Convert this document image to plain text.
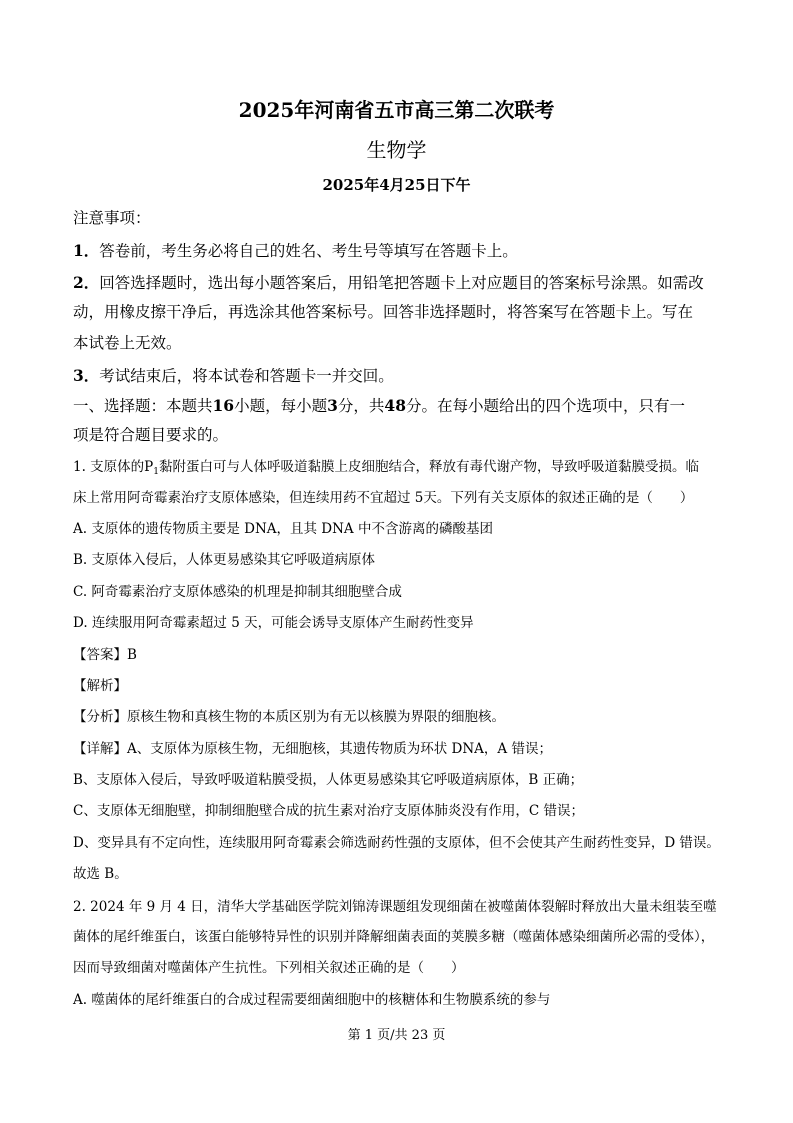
2025年河南省五市高三第二次联考
生物学
2025年4月25日下午
注意事项：
1．答卷前，考生务必将自己的姓名、考生号等填写在答题卡上。
2．回答选择题时，选出每小题答案后，用铅笔把答题卡上对应题目的答案标号涂黑。如需改
动，用橡皮擦干净后，再选涂其他答案标号。回答非选择题时，将答案写在答题卡上。写在
本试卷上无效。
3．考试结束后，将本试卷和答题卡一并交回。
一、选择题：本题共16小题，每小题3分，共48分。在每小题给出的四个选项中，只有一
项是符合题目要求的。
1. 支原体的$P_1$黏附蛋白可与人体呼吸道黏膜上皮细胞结合，释放有毒代谢产物，导致呼吸道黏膜受损。临
床上常用阿奇霉素治疗支原体感染，但连续用药不宜超过 5天。下列有关支原体的叙述正确的是（　　）
A. 支原体的遗传物质主要是 DNA，且其 DNA 中不含游离的磷酸基团
B. 支原体入侵后，人体更易感染其它呼吸道病原体
C. 阿奇霉素治疗支原体感染的机理是抑制其细胞壁合成
D. 连续服用阿奇霉素超过 5 天，可能会诱导支原体产生耐药性变异
【答案】B
【解析】
【分析】原核生物和真核生物的本质区别为有无以核膜为界限的细胞核。
【详解】A、支原体为原核生物，无细胞核，其遗传物质为环状 DNA，A 错误；
B、支原体入侵后，导致呼吸道粘膜受损，人体更易感染其它呼吸道病原体，B 正确；
C、支原体无细胞壁，抑制细胞壁合成的抗生素对治疗支原体肺炎没有作用，C 错误；
D、变异具有不定向性，连续服用阿奇霉素会筛选耐药性强的支原体，但不会使其产生耐药性变异，D 错误。
故选 B。
2. 2024 年 9 月 4 日，清华大学基础医学院刘锦涛课题组发现细菌在被噬菌体裂解时释放出大量未组装至噬
菌体的尾纤维蛋白，该蛋白能够特异性的识别并降解细菌表面的荚膜多糖（噬菌体感染细菌所必需的受体），
因而导致细菌对噬菌体产生抗性。下列相关叙述正确的是（　　）
A. 噬菌体的尾纤维蛋白的合成过程需要细菌细胞中的核糖体和生物膜系统的参与
第 1 页/共 23 页
